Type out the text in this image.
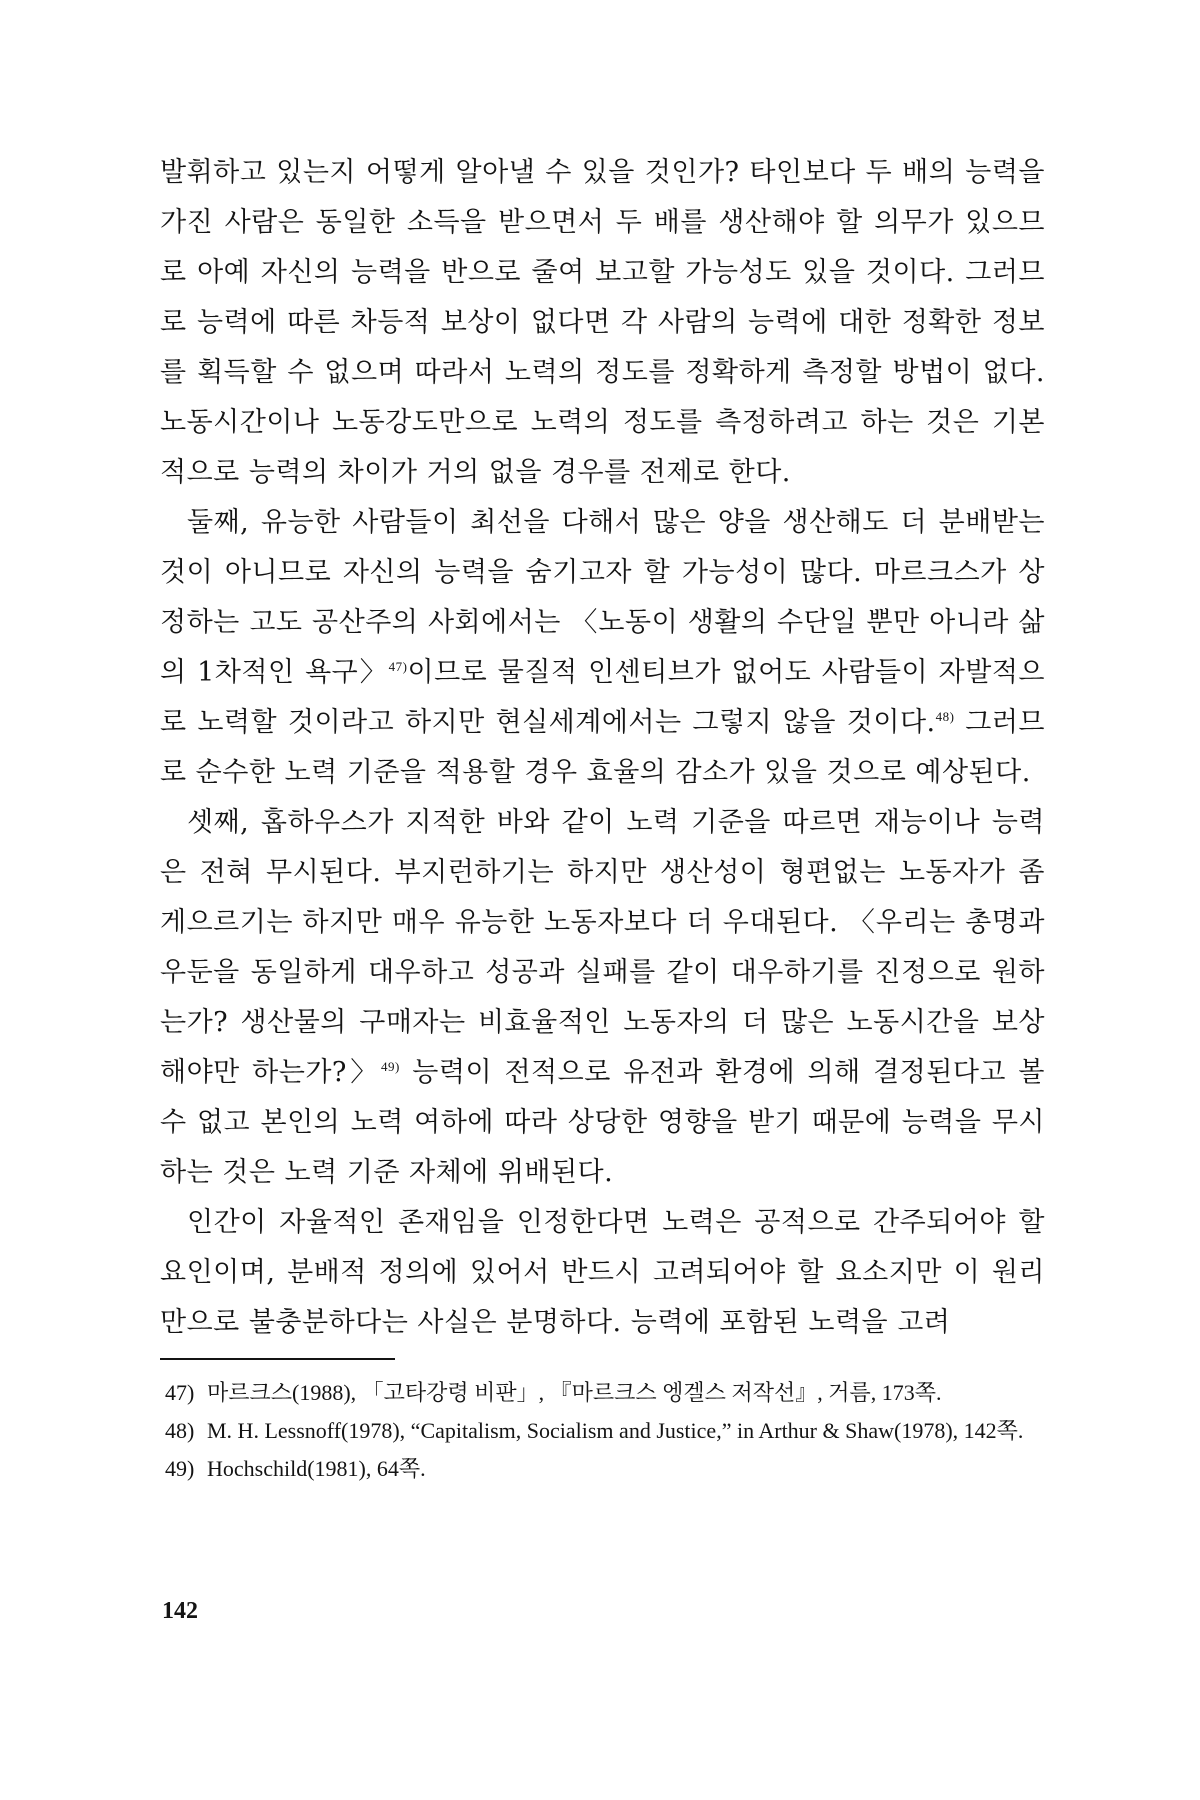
발휘하고 있는지 어떻게 알아낼 수 있을 것인가? 타인보다 두 배의 능력을 가진 사람은 동일한 소득을 받으면서 두 배를 생산해야 할 의무가 있으므로 아예 자신의 능력을 반으로 줄여 보고할 가능성도 있을 것이다. 그러므로 능력에 따른 차등적 보상이 없다면 각 사람의 능력에 대한 정확한 정보를 획득할 수 없으며 따라서 노력의 정도를 정확하게 측정할 방법이 없다. 노동시간이나 노동강도만으로 노력의 정도를 측정하려고 하는 것은 기본적으로 능력의 차이가 거의 없을 경우를 전제로 한다.

둘째, 유능한 사람들이 최선을 다해서 많은 양을 생산해도 더 분배받는 것이 아니므로 자신의 능력을 숨기고자 할 가능성이 많다. 마르크스가 상정하는 고도 공산주의 사회에서는 〈노동이 생활의 수단일 뿐만 아니라 삶의 1차적인 욕구〉$^{47)}$이므로 물질적 인센티브가 없어도 사람들이 자발적으로 노력할 것이라고 하지만 현실세계에서는 그렇지 않을 것이다.$^{48)}$ 그러므로 순수한 노력 기준을 적용할 경우 효율의 감소가 있을 것으로 예상된다.

셋째, 홉하우스가 지적한 바와 같이 노력 기준을 따르면 재능이나 능력은 전혀 무시된다. 부지런하기는 하지만 생산성이 형편없는 노동자가 좀 게으르기는 하지만 매우 유능한 노동자보다 더 우대된다. 〈우리는 총명과 우둔을 동일하게 대우하고 성공과 실패를 같이 대우하기를 진정으로 원하는가? 생산물의 구매자는 비효율적인 노동자의 더 많은 노동시간을 보상해야만 하는가?〉$^{49)}$ 능력이 전적으로 유전과 환경에 의해 결정된다고 볼 수 없고 본인의 노력 여하에 따라 상당한 영향을 받기 때문에 능력을 무시하는 것은 노력 기준 자체에 위배된다.

인간이 자율적인 존재임을 인정한다면 노력은 공적으로 간주되어야 할 요인이며, 분배적 정의에 있어서 반드시 고려되어야 할 요소지만 이 원리만으로 불충분하다는 사실은 분명하다. 능력에 포함된 노력을 고려

47) 마르크스(1988), 「고타강령 비판」, 『마르크스 엥겔스 저작선』, 거름, 173쪽.
48) M. H. Lessnoff(1978), “Capitalism, Socialism and Justice,” in Arthur & Shaw(1978), 142쪽.
49) Hochschild(1981), 64쪽.
142
